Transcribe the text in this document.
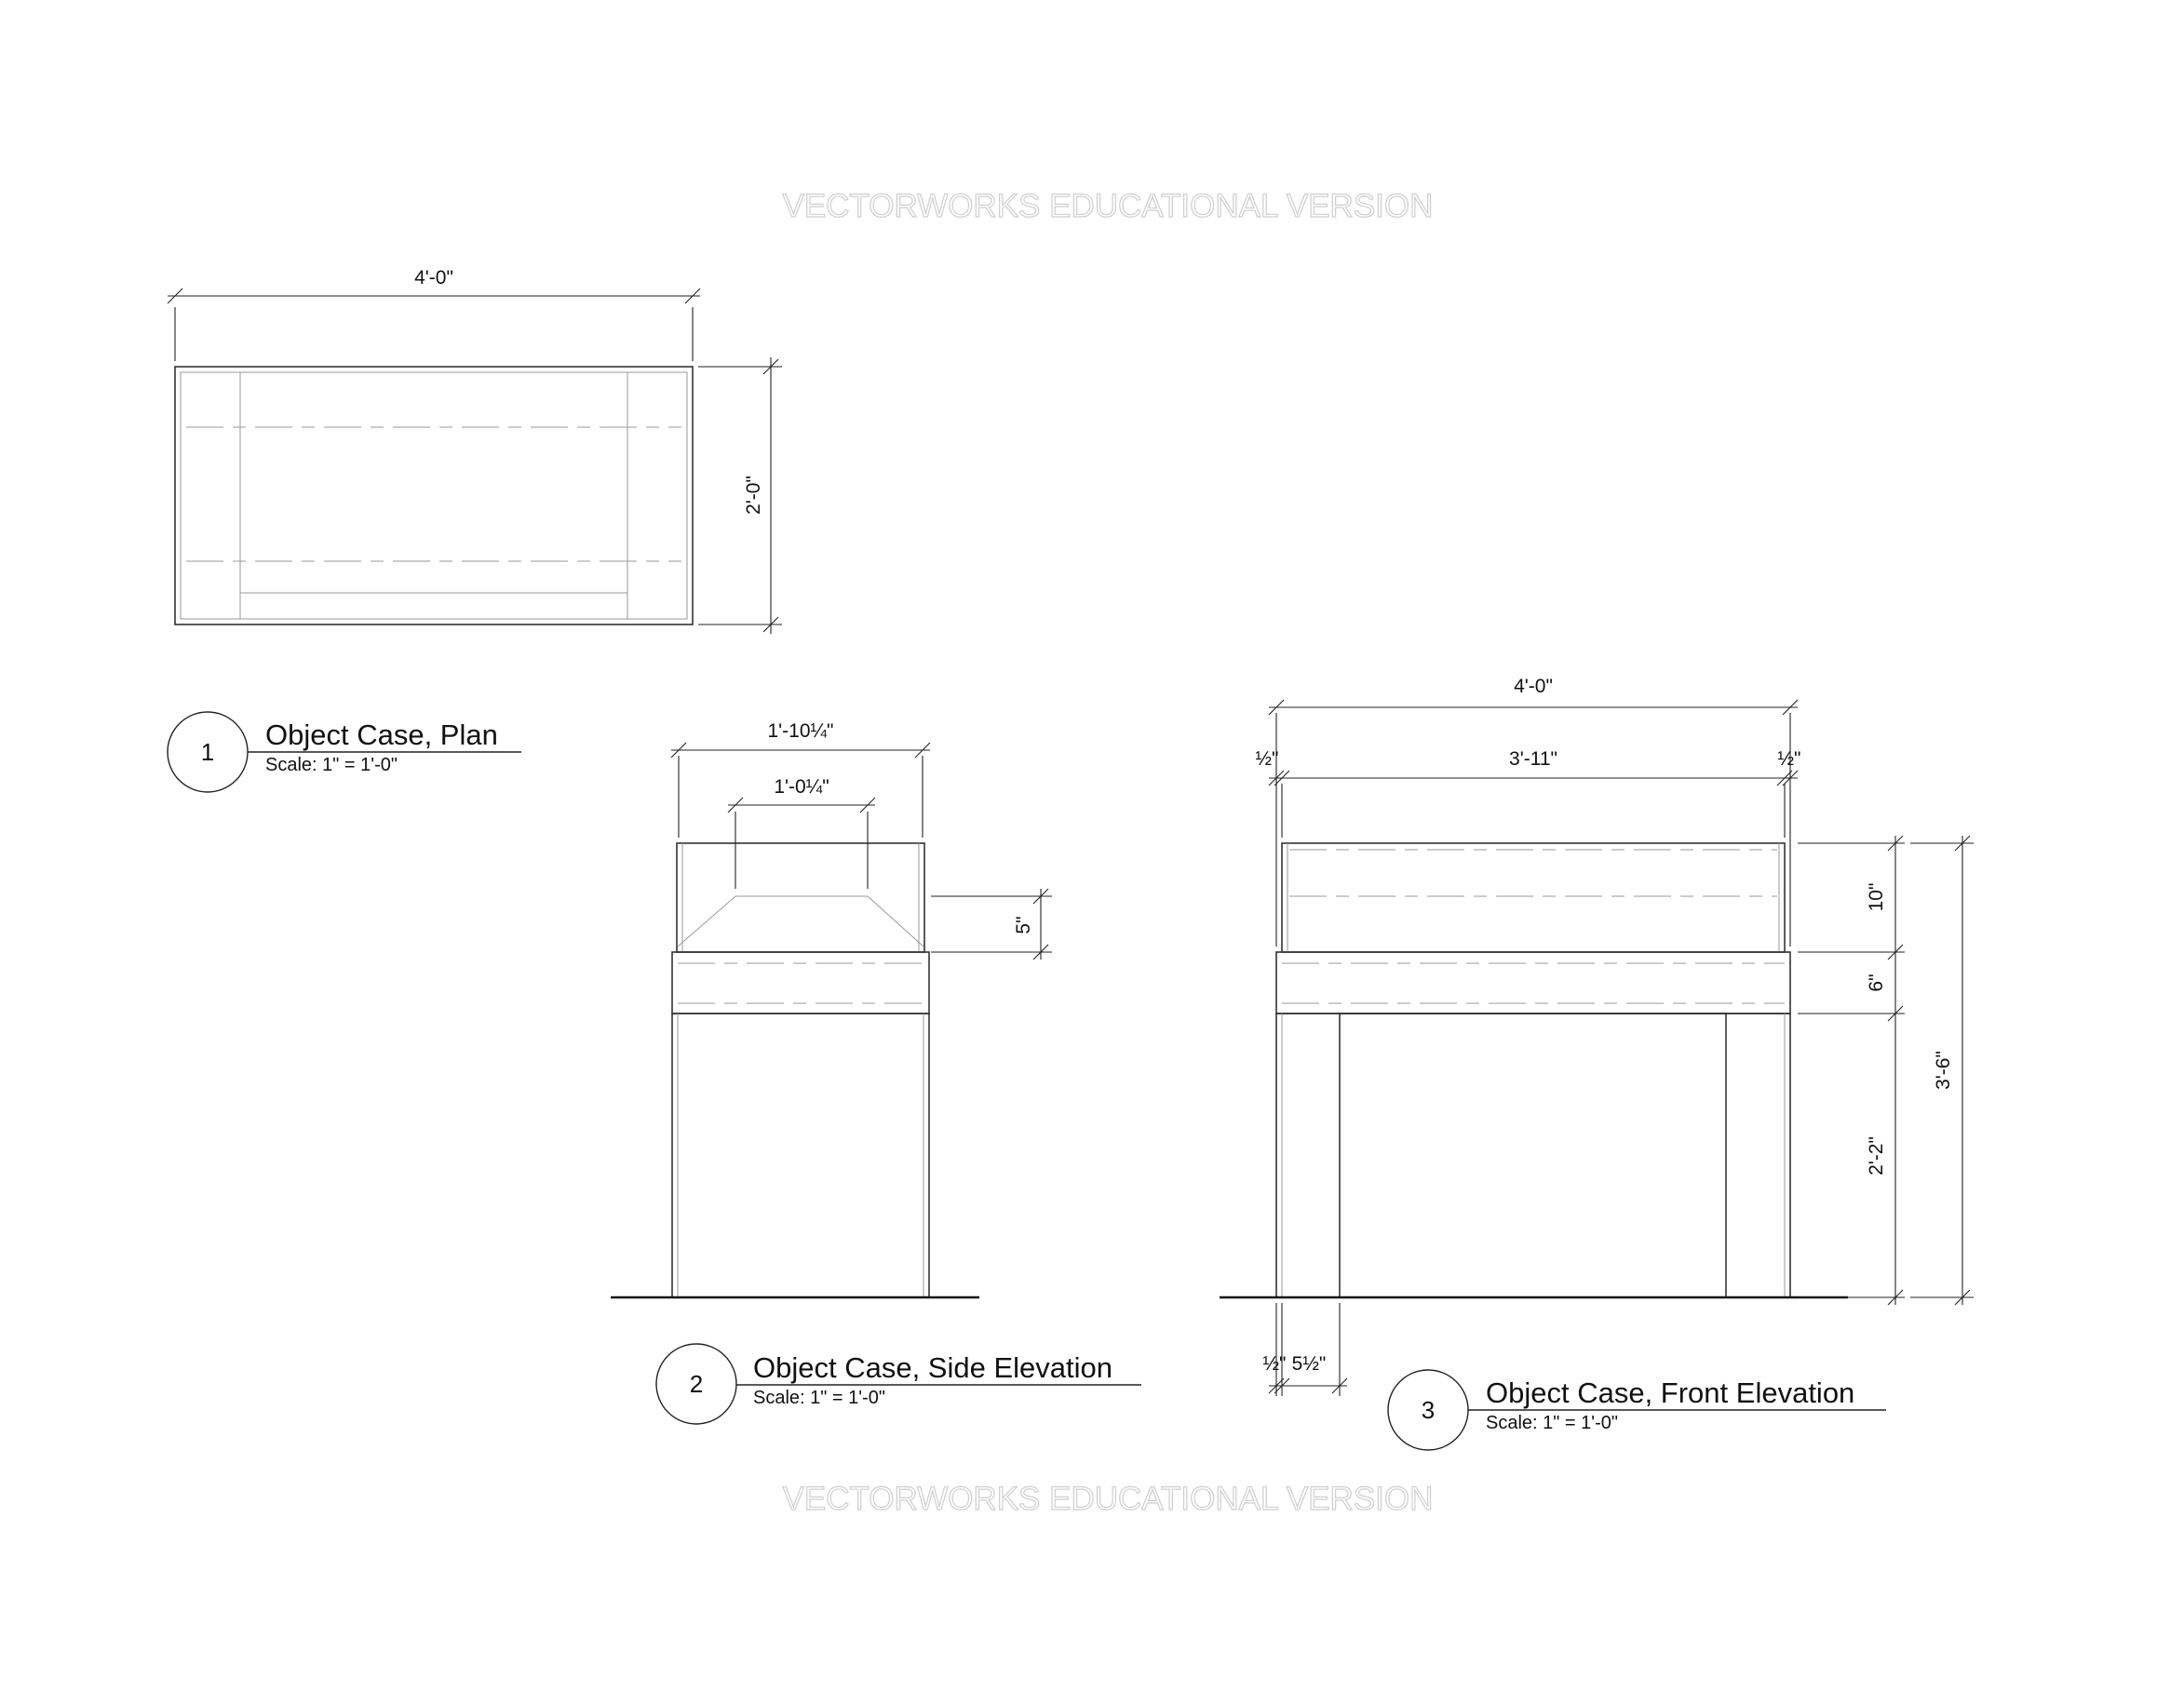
VECTORWORKS EDUCATIONAL VERSION
VECTORWORKS EDUCATIONAL VERSION
4'-0"
2'-0"
1
Object Case, Plan
Scale: 1" = 1'-0"
1'-10¼"
1'-0¼"
5"
2 Object Case, Side Elevation
Scale: 1" = 1'-0"
4'-0"
½"	3'-11"	½"
10"
6"
2'-2"
3'-6"
½" 5½"
3
Object Case, Front Elevation
Scale: 1" = 1'-0"
